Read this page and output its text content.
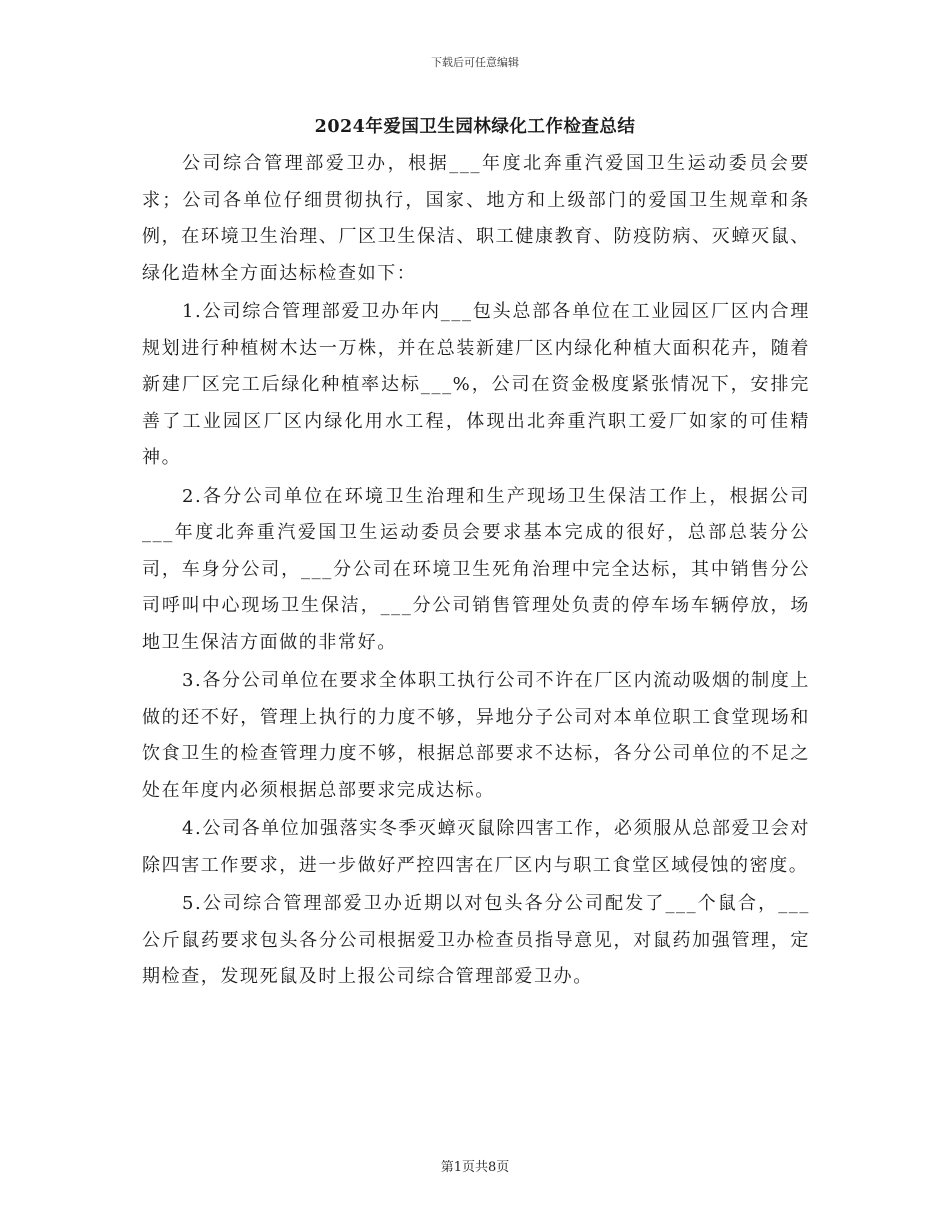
下载后可任意编辑
2024年爱国卫生园林绿化工作检查总结

公司综合管理部爱卫办，根据___年度北奔重汽爱国卫生运动委员会要求；公司各单位仔细贯彻执行，国家、地方和上级部门的爱国卫生规章和条例，在环境卫生治理、厂区卫生保洁、职工健康教育、防疫防病、灭蟑灭鼠、绿化造林全方面达标检查如下：

1.公司综合管理部爱卫办年内___包头总部各单位在工业园区厂区内合理规划进行种植树木达一万株，并在总装新建厂区内绿化种植大面积花卉，随着新建厂区完工后绿化种植率达标___%，公司在资金极度紧张情况下，安排完善了工业园区厂区内绿化用水工程，体现出北奔重汽职工爱厂如家的可佳精神。

2.各分公司单位在环境卫生治理和生产现场卫生保洁工作上，根据公司___年度北奔重汽爱国卫生运动委员会要求基本完成的很好，总部总装分公司，车身分公司，___分公司在环境卫生死角治理中完全达标，其中销售分公司呼叫中心现场卫生保洁，___分公司销售管理处负责的停车场车辆停放，场地卫生保洁方面做的非常好。

3.各分公司单位在要求全体职工执行公司不许在厂区内流动吸烟的制度上做的还不好，管理上执行的力度不够，异地分子公司对本单位职工食堂现场和饮食卫生的检查管理力度不够，根据总部要求不达标，各分公司单位的不足之处在年度内必须根据总部要求完成达标。

4.公司各单位加强落实冬季灭蟑灭鼠除四害工作，必须服从总部爱卫会对除四害工作要求，进一步做好严控四害在厂区内与职工食堂区域侵蚀的密度。

5.公司综合管理部爱卫办近期以对包头各分公司配发了___个鼠合，___公斤鼠药要求包头各分公司根据爱卫办检查员指导意见，对鼠药加强管理，定期检查，发现死鼠及时上报公司综合管理部爱卫办。

第1页共8页
